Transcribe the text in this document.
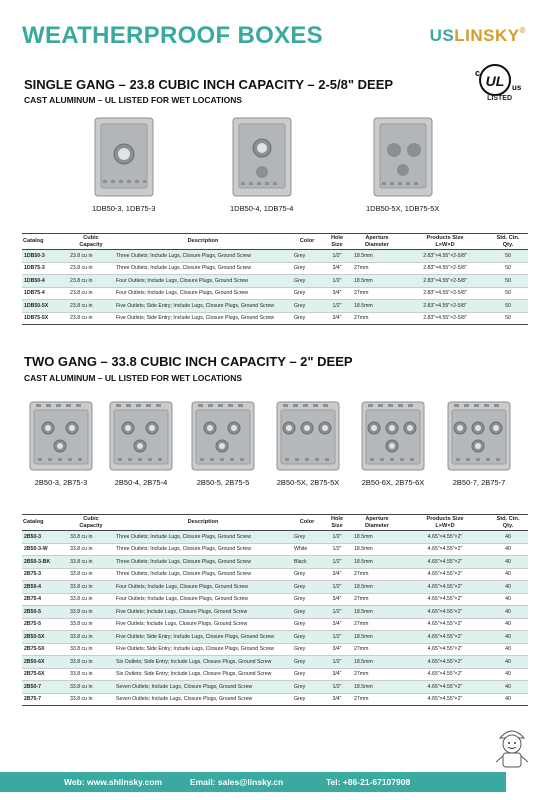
WEATHERPROOF BOXES	USLINSKY®
UL
c
us
LISTED
SINGLE GANG – 23.8 CUBIC INCH CAPACITY – 2-5/8" DEEP
CAST ALUMINUM – UL LISTED FOR WET LOCATIONS
1DB50-3, 1DB75-3	1DB50-4, 1DB75-4	1DB50-5X, 1DB75-5X
Catalog	Cubic
Capacity	Description	Color	Hole
Size	Aperture
Diameter	Products Size
L×W×D	Std. Ctn.
Qty.
1DB50-3	23.8 cu in	Three Outlets; Include Lugs, Closure Plugs, Ground Screw	Grey	1/2"	18.5mm	2.83"×4.55"×2-5/8"	50
1DB75-3	23.8 cu in	Three Outlets; Include Lugs, Closure Plugs, Ground Screw	Grey	3/4"	27mm	2.83"×4.55"×2-5/8"	50
1DB50-4	23.8 cu in	Four Outlets; Include Lugs, Closure Plugs, Ground Screw	Grey	1/2"	18.5mm	2.83"×4.55"×2-5/8"	50
1DB75-4	23.8 cu in	Four Outlets; Include Lugs, Closure Plugs, Ground Screw	Grey	3/4"	27mm	2.83"×4.55"×2-5/8"	50
1DB50-5X	23.8 cu in	Five Outlets; Side Entry; Include Lugs, Closure Plugs, Ground Screw	Grey	1/2"	18.5mm	2.83"×4.55"×2-5/8"	50
1DB75-5X	23.8 cu in	Five Outlets; Side Entry; Include Lugs, Closure Plugs, Ground Screw	Grey	3/4"	27mm	2.83"×4.55"×2-5/8"	50
TWO GANG – 33.8 CUBIC INCH CAPACITY – 2" DEEP
CAST ALUMINUM – UL LISTED FOR WET LOCATIONS
2B50-3, 2B75-3	2B50-4, 2B75-4	2B50-5, 2B75-5	2B50-5X, 2B75-5X	2B50-6X, 2B75-6X	2B50-7, 2B75-7
Catalog	Cubic
Capacity	Description	Color	Hole
Size	Aperture
Diameter	Products Size
L×W×D	Std. Ctn.
Qty.
2B50-3	33.8 cu in	Three Outlets; Include Lugs, Closure Plugs, Ground Screw	Grey	1/2"	18.5mm	4.65"×4.55"×2"	40
2B50-3-W	33.8 cu in	Three Outlets; Include Lugs, Closure Plugs, Ground Screw	White	1/2"	18.5mm	4.65"×4.55"×2"	40
2B50-3-BK	33.8 cu in	Three Outlets; Include Lugs, Closure Plugs, Ground Screw	Black	1/2"	18.5mm	4.65"×4.55"×2"	40
2B75-3	33.8 cu in	Three Outlets; Include Lugs, Closure Plugs, Ground Screw	Grey	3/4"	27mm	4.65"×4.55"×2"	40
2B50-4	33.8 cu in	Four Outlets; Include Lugs, Closure Plugs, Ground Screw	Grey	1/2"	18.5mm	4.65"×4.55"×2"	40
2B75-4	33.8 cu in	Four Outlets; Include Lugs, Closure Plugs, Ground Screw	Grey	3/4"	27mm	4.65"×4.55"×2"	40
2B50-5	33.8 cu in	Five Outlets; Include Lugs, Closure Plugs, Ground Screw	Grey	1/2"	18.5mm	4.65"×4.55"×2"	40
2B75-5	33.8 cu in	Five Outlets; Include Lugs, Closure Plugs, Ground Screw	Grey	3/4"	27mm	4.65"×4.55"×2"	40
2B50-5X	33.8 cu in	Five Outlets; Side Entry; Include Lugs, Closure Plugs, Ground Screw	Grey	1/2"	18.5mm	4.65"×4.55"×2"	40
2B75-5X	33.8 cu in	Five Outlets; Side Entry; Include Lugs, Closure Plugs, Ground Screw	Grey	3/4"	27mm	4.65"×4.55"×2"	40
2B50-6X	33.8 cu in	Six Outlets; Side Entry; Include Lugs, Closure Plugs, Ground Screw	Grey	1/2"	18.5mm	4.65"×4.55"×2"	40
2B75-6X	33.8 cu in	Six Outlets; Side Entry; Include Lugs, Closure Plugs, Ground Screw	Grey	3/4"	27mm	4.65"×4.55"×2"	40
2B50-7	33.8 cu in	Seven Outlets; Include Lugs, Closure Plugs, Ground Screw	Grey	1/2"	18.5mm	4.65"×4.55"×2"	40
2B75-7	33.8 cu in	Seven Outlets; Include Lugs, Closure Plugs, Ground Screw	Grey	3/4"	27mm	4.65"×4.55"×2"	40
Web: www.shlinsky.com	Email: sales@linsky.cn	Tel: +86-21-67107908
